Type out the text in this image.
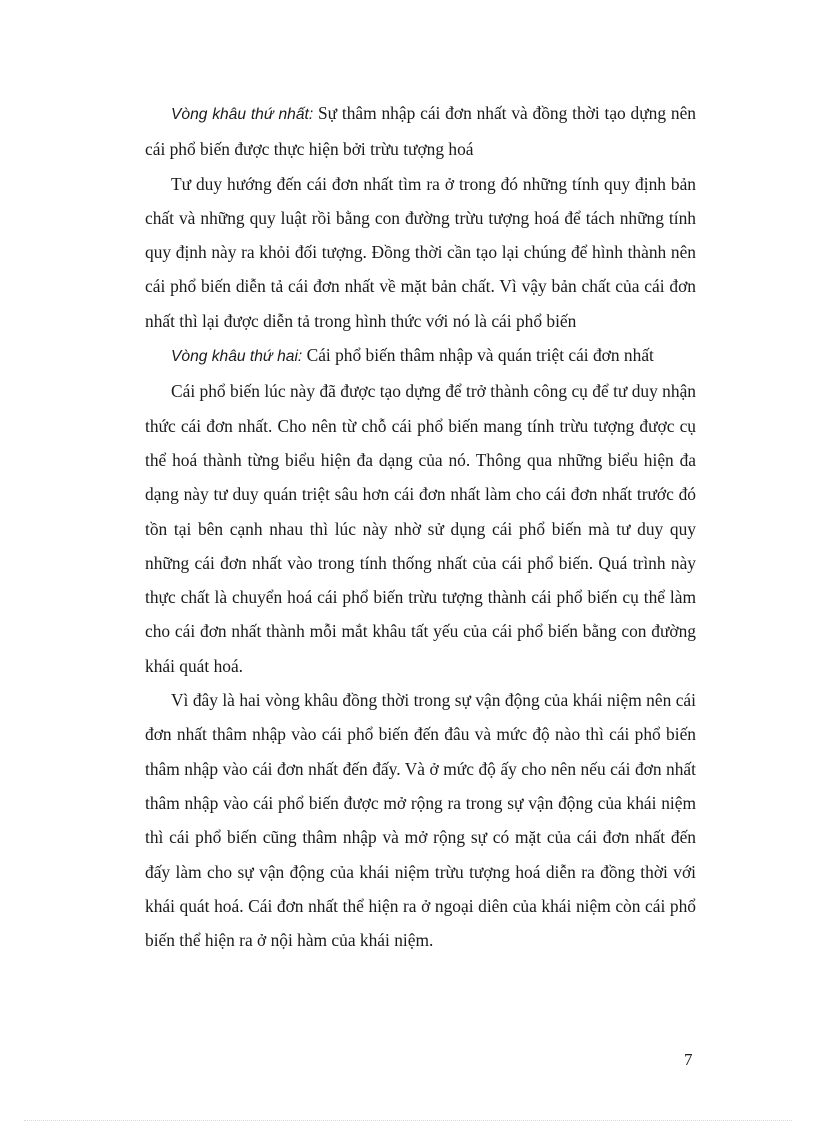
Vòng khâu thứ nhất: Sự thâm nhập cái đơn nhất và đồng thời tạo dựng nên cái phổ biến được thực hiện bởi trừu tượng hoá

Tư duy hướng đến cái đơn nhất tìm ra ở trong đó những tính quy định bản chất và những quy luật rồi bằng con đường trừu tượng hoá để tách những tính quy định này ra khỏi đối tượng. Đồng thời cần tạo lại chúng để hình thành nên cái phổ biến diễn tả cái đơn nhất về mặt bản chất. Vì vậy bản chất của cái đơn nhất thì lại được diễn tả trong hình thức với nó là cái phổ biến

Vòng khâu thứ hai: Cái phổ biến thâm nhập và quán triệt cái đơn nhất

Cái phổ biến lúc này đã được tạo dựng để trở thành công cụ để tư duy nhận thức cái đơn nhất. Cho nên từ chỗ cái phổ biến mang tính trừu tượng được cụ thể hoá thành từng biểu hiện đa dạng của nó. Thông qua những biểu hiện đa dạng này tư duy quán triệt sâu hơn cái đơn nhất làm cho cái đơn nhất trước đó tồn tại bên cạnh nhau thì lúc này nhờ sử dụng cái phổ biến mà tư duy quy những cái đơn nhất vào trong tính thống nhất của cái phổ biến. Quá trình này thực chất là chuyển hoá cái phổ biến trừu tượng thành cái phổ biến cụ thể làm cho cái đơn nhất thành mỗi mắt khâu tất yếu của cái phổ biến bằng con đường khái quát hoá.

Vì đây là hai vòng khâu đồng thời trong sự vận động của khái niệm nên cái đơn nhất thâm nhập vào cái phổ biến đến đâu và mức độ nào thì cái phổ biến thâm nhập vào cái đơn nhất đến đấy. Và ở mức độ ấy cho nên nếu cái đơn nhất thâm nhập vào cái phổ biến được mở rộng ra trong sự vận động của khái niệm thì cái phổ biến cũng thâm nhập và mở rộng sự có mặt của cái đơn nhất đến đấy làm cho sự vận động của khái niệm trừu tượng hoá diễn ra đồng thời với khái quát hoá. Cái đơn nhất thể hiện ra ở ngoại diên của khái niệm còn cái phổ biến thể hiện ra ở nội hàm của khái niệm.

7
